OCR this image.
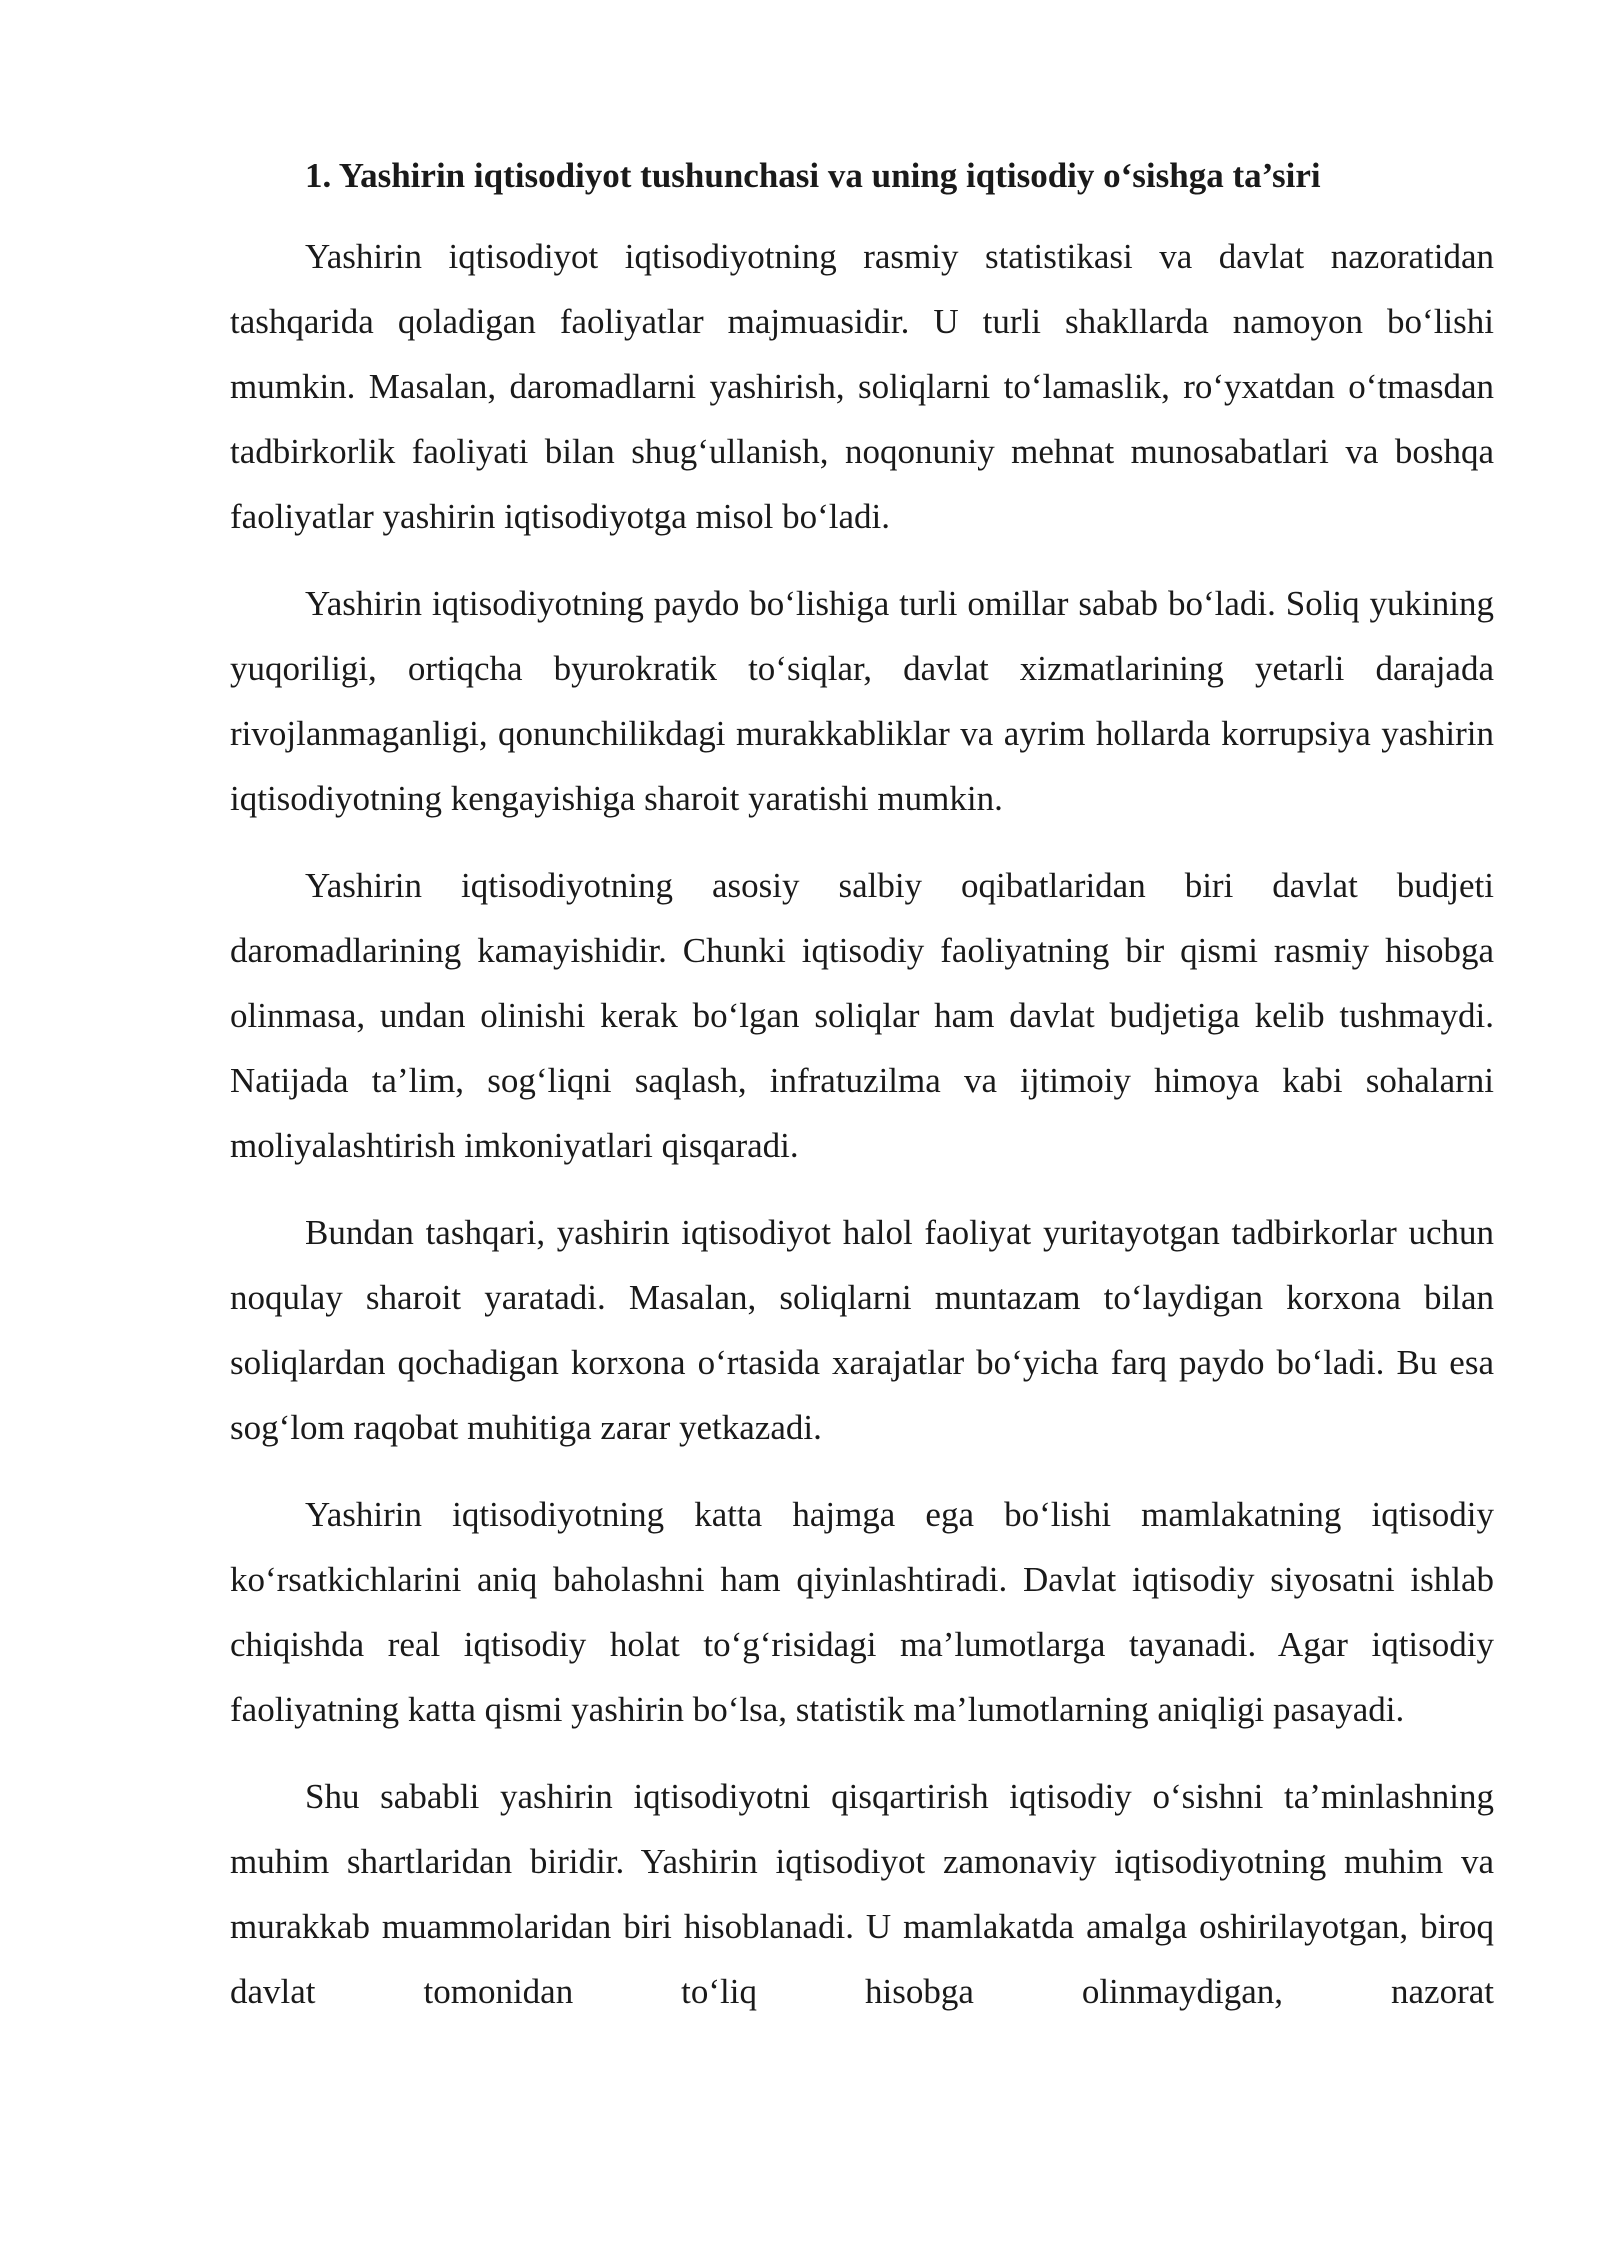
1. Yashirin iqtisodiyot tushunchasi va uning iqtisodiy o‘sishga ta’siri

Yashirin iqtisodiyot iqtisodiyotning rasmiy statistikasi va davlat nazoratidan tashqarida qoladigan faoliyatlar majmuasidir. U turli shakllarda namoyon bo‘lishi mumkin. Masalan, daromadlarni yashirish, soliqlarni to‘lamaslik, ro‘yxatdan o‘tmasdan tadbirkorlik faoliyati bilan shug‘ullanish, noqonuniy mehnat munosabatlari va boshqa faoliyatlar yashirin iqtisodiyotga misol bo‘ladi.

Yashirin iqtisodiyotning paydo bo‘lishiga turli omillar sabab bo‘ladi. Soliq yukining yuqoriligi, ortiqcha byurokratik to‘siqlar, davlat xizmatlarining yetarli darajada rivojlanmaganligi, qonunchilikdagi murakkabliklar va ayrim hollarda korrupsiya yashirin iqtisodiyotning kengayishiga sharoit yaratishi mumkin.

Yashirin iqtisodiyotning asosiy salbiy oqibatlaridan biri davlat budjeti daromadlarining kamayishidir. Chunki iqtisodiy faoliyatning bir qismi rasmiy hisobga olinmasa, undan olinishi kerak bo‘lgan soliqlar ham davlat budjetiga kelib tushmaydi. Natijada ta’lim, sog‘liqni saqlash, infratuzilma va ijtimoiy himoya kabi sohalarni moliyalashtirish imkoniyatlari qisqaradi.

Bundan tashqari, yashirin iqtisodiyot halol faoliyat yuritayotgan tadbirkorlar uchun noqulay sharoit yaratadi. Masalan, soliqlarni muntazam to‘laydigan korxona bilan soliqlardan qochadigan korxona o‘rtasida xarajatlar bo‘yicha farq paydo bo‘ladi. Bu esa sog‘lom raqobat muhitiga zarar yetkazadi.

Yashirin iqtisodiyotning katta hajmga ega bo‘lishi mamlakatning iqtisodiy ko‘rsatkichlarini aniq baholashni ham qiyinlashtiradi. Davlat iqtisodiy siyosatni ishlab chiqishda real iqtisodiy holat to‘g‘risidagi ma’lumotlarga tayanadi. Agar iqtisodiy faoliyatning katta qismi yashirin bo‘lsa, statistik ma’lumotlarning aniqligi pasayadi.

Shu sababli yashirin iqtisodiyotni qisqartirish iqtisodiy o‘sishni ta’minlashning muhim shartlaridan biridir. Yashirin iqtisodiyot zamonaviy iqtisodiyotning muhim va murakkab muammolaridan biri hisoblanadi. U mamlakatda amalga oshirilayotgan, biroq davlat tomonidan to‘liq hisobga olinmaydigan, nazorat
